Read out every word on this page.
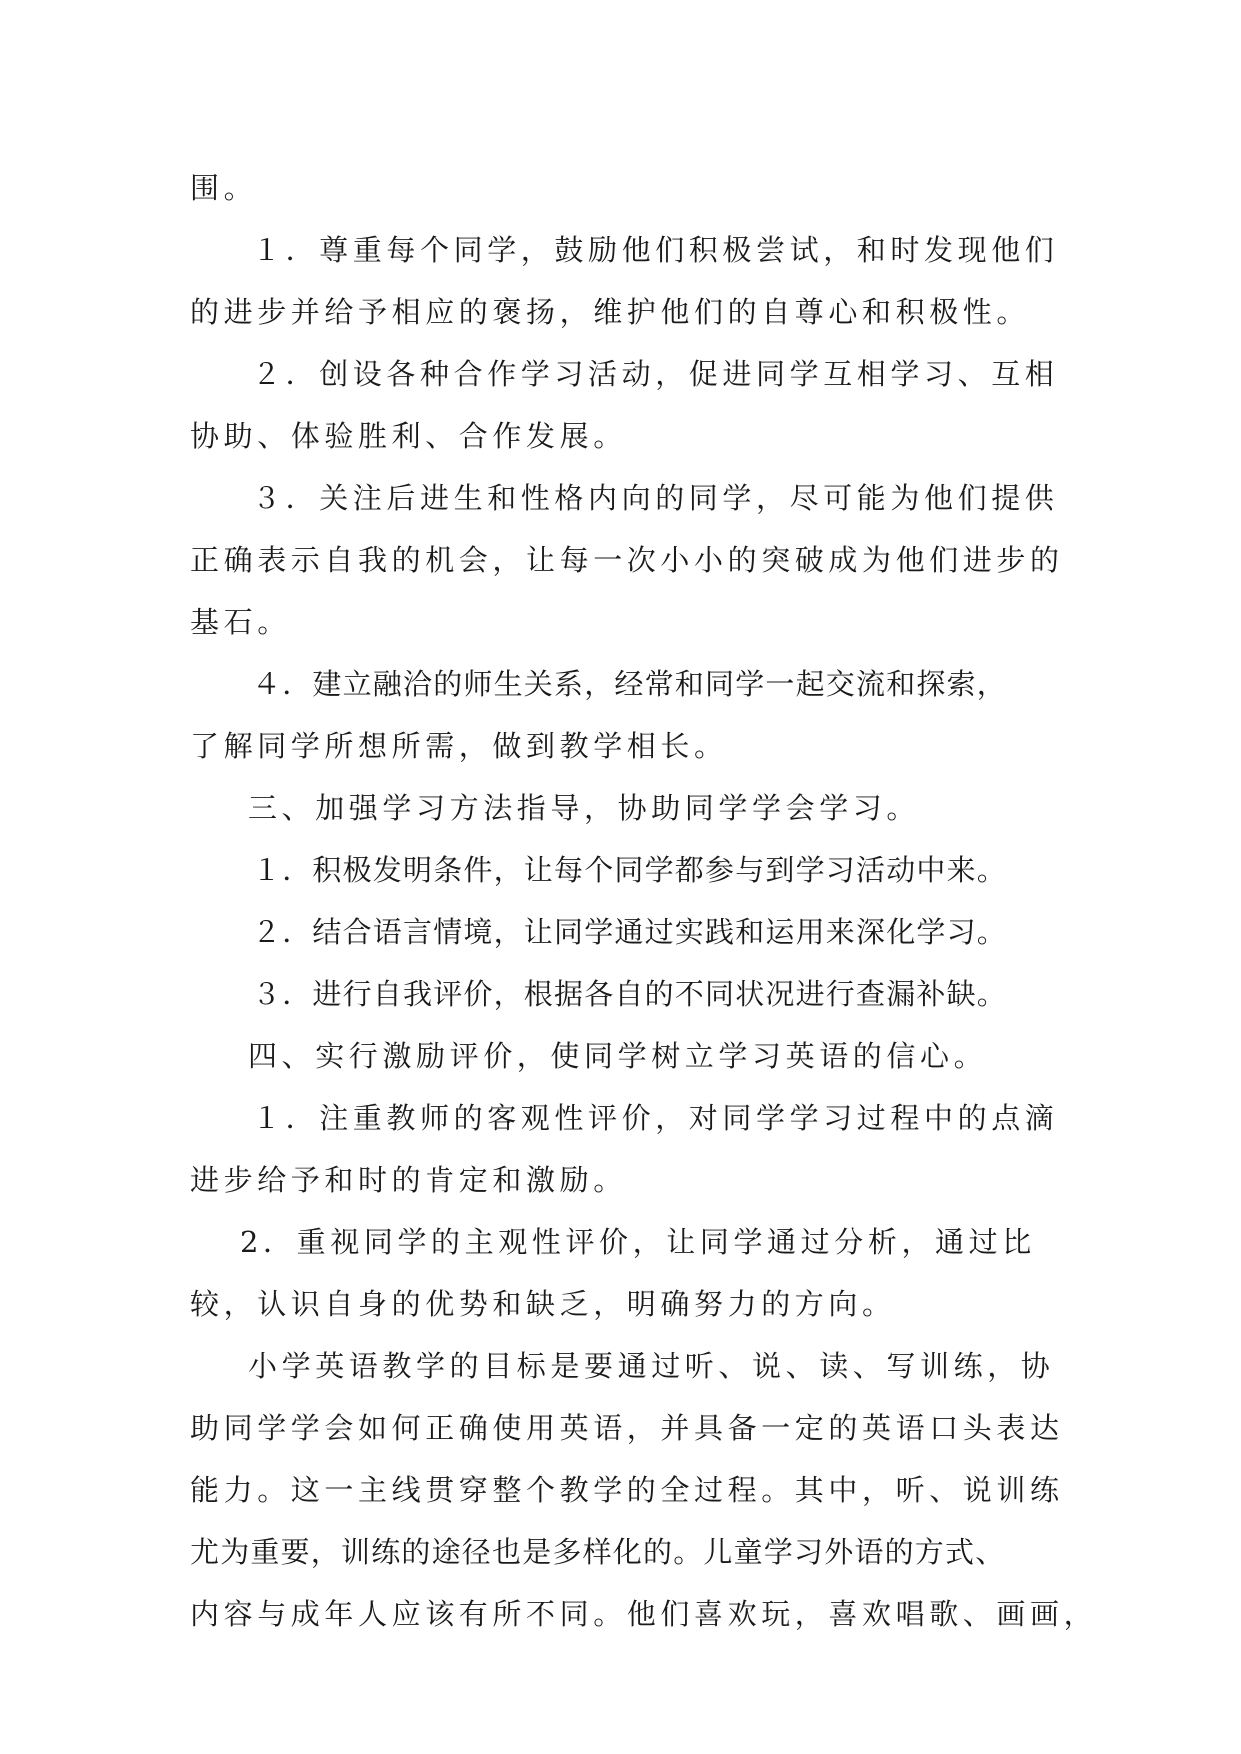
围。
１．尊重每个同学，鼓励他们积极尝试，和时发现他们
的进步并给予相应的褒扬，维护他们的自尊心和积极性。
２．创设各种合作学习活动，促进同学互相学习、互相
协助、体验胜利、合作发展。
３．关注后进生和性格内向的同学，尽可能为他们提供
正确表示自我的机会，让每一次小小的突破成为他们进步的
基石。
４．建立融洽的师生关系，经常和同学一起交流和探索，
了解同学所想所需，做到教学相长。
三、加强学习方法指导，协助同学学会学习。
１．积极发明条件，让每个同学都参与到学习活动中来。
２．结合语言情境，让同学通过实践和运用来深化学习。
３．进行自我评价，根据各自的不同状况进行查漏补缺。
四、实行激励评价，使同学树立学习英语的信心。
１．注重教师的客观性评价，对同学学习过程中的点滴
进步给予和时的肯定和激励。
2．重视同学的主观性评价，让同学通过分析，通过比
较，认识自身的优势和缺乏，明确努力的方向。
小学英语教学的目标是要通过听、说、读、写训练，协
助同学学会如何正确使用英语，并具备一定的英语口头表达
能力。这一主线贯穿整个教学的全过程。其中，听、说训练
尤为重要，训练的途径也是多样化的。儿童学习外语的方式、
内容与成年人应该有所不同。他们喜欢玩，喜欢唱歌、画画，
